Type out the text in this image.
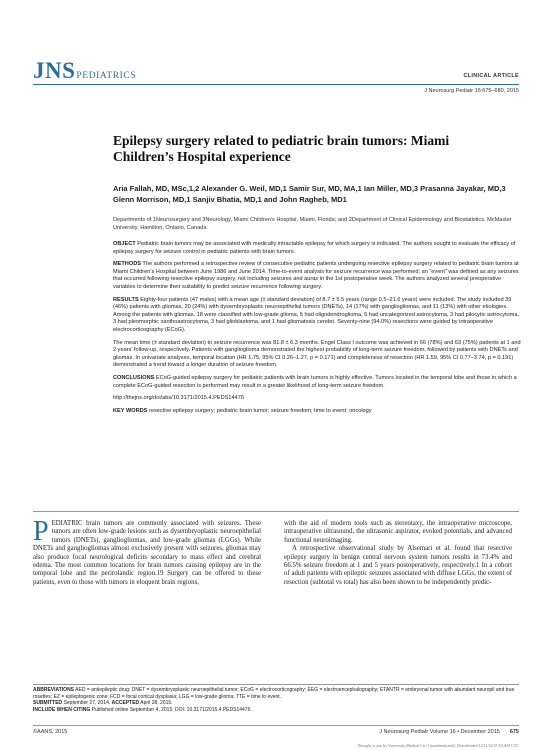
JNSPEDIATRICS	CLINICAL ARTICLE
J Neurosurg Pediatr 16:675–680, 2015
Epilepsy surgery related to pediatric brain tumors: Miami Children’s Hospital experience
Aria Fallah, MD, MSc,1,2 Alexander G. Weil, MD,1 Samir Sur, MD, MA,1 Ian Miller, MD,3 Prasanna Jayakar, MD,3 Glenn Morrison, MD,1 Sanjiv Bhatia, MD,1 and John Ragheb, MD1
Departments of 1Neurosurgery and 3Neurology, Miami Children’s Hospital, Miami, Florida; and 2Department of Clinical Epidemiology and Biostatistics, McMaster University, Hamilton, Ontario, Canada

OBJECT Pediatric brain tumors may be associated with medically intractable epilepsy for which surgery is indicated. The authors sought to evaluate the efficacy of epilepsy surgery for seizure control in pediatric patients with brain tumors.

METHODS The authors performed a retrospective review of consecutive pediatric patients undergoing resective epilepsy surgery related to pediatric brain tumors at Miami Children’s Hospital between June 1986 and June 2014. Time-to-event analysis for seizure recurrence was performed; an “event” was defined as any seizures that occurred following resective epilepsy surgery, not including seizures and auras in the 1st postoperative week. The authors analyzed several preoperative variables to determine their suitability to predict seizure recurrence following surgery.

RESULTS Eighty-four patients (47 males) with a mean age (± standard deviation) of 8.7 ± 5.5 years (range 0.5–21.6 years) were included. The study included 39 (46%) patients with gliomas, 20 (24%) with dysembryoplastic neuroepithelial tumors (DNETs), 14 (17%) with gangliogliomas, and 11 (13%) with other etiologies. Among the patients with gliomas, 18 were classified with low-grade glioma, 5 had oligodendroglioma, 6 had uncategorized astrocytoma, 3 had pilocytic astrocytoma, 3 had pleomorphic xanthoastrocytoma, 3 had glioblastoma, and 1 had gliomatosis cerebri. Seventy-nine (94.0%) resections were guided by intraoperative electrocorticography (ECoG).

The mean time (± standard deviation) to seizure recurrence was 81.8 ± 6.3 months. Engel Class I outcome was achieved in 66 (78%) and 63 (75%) patients at 1 and 2 years’ follow-up, respectively. Patients with ganglioglioma demonstrated the highest probability of long-term seizure freedom, followed by patients with DNETs and gliomas. In univariate analyses, temporal location (HR 1.75, 95% CI 0.26–1.27, p = 0.171) and completeness of resection (HR 1.59, 95% CI 0.77–3.74, p = 0.191) demonstrated a trend toward a longer duration of seizure freedom.

CONCLUSIONS ECoG-guided epilepsy surgery for pediatric patients with brain tumors is highly effective. Tumors located in the temporal lobe and those in which a complete ECoG-guided resection is performed may result in a greater likelihood of long-term seizure freedom.

http://thejns.org/doi/abs/10.3171/2015.4.PEDS14476

KEY WORDS resective epilepsy surgery; pediatric brain tumor; seizure freedom; time to event; oncology

PEDIATRIC brain tumors are commonly associated with seizures. These tumors are often low-grade lesions such as dysembryoplastic neuroepithelial tumors (DNETs), gangliogliomas, and low-grade gliomas (LGGs). While DNETs and gangliogliomas almost exclusively present with seizures, gliomas may also produce focal neurological deficits secondary to mass effect and cerebral edema. The most common locations for brain tumors causing epilepsy are in the temporal lobe and the perirolandic region.19 Surgery can be offered to these patients, even to those with tumors in eloquent brain regions,

with the aid of modern tools such as stereotaxy, the intraoperative microscope, intraoperative ultrasound, the ultrasonic aspirator, evoked potentials, and advanced functional neuroimaging.

A retrospective observational study by Alsemari et al. found that resective epilepsy surgery in benign central nervous system tumors results in 73.4% and 66.5% seizure freedom at 1 and 5 years postoperatively, respectively.1 In a cohort of adult patients with epileptic seizures associated with diffuse LGGs, the extent of resection (subtotal vs total) has also been shown to be independently predic-

ABBREVIATIONS AED = antiepileptic drug; DNET = dysembryoplastic neuroepithelial tumor; ECoG = electrocorticography; EEG = electroencephalography; ETANTR = embryonal tumor with abundant neuropil and true rosettes; EZ = epileptogenic zone; FCD = focal cortical dysplasia; LGG = low-grade glioma; TTE = time to event.
SUBMITTED September 27, 2014. ACCEPTED April 28, 2015.
INCLUDE WHEN CITING Published online September 4, 2015; DOI: 10.3171/2015.4.PEDS14476.
©AANS, 2015	J Neurosurg Pediatr Volume 16 • December 2015 675
Brought to you by University Medical Ctr | Unauthenticated | Downloaded 12/11/24 05:54 AM UTC
